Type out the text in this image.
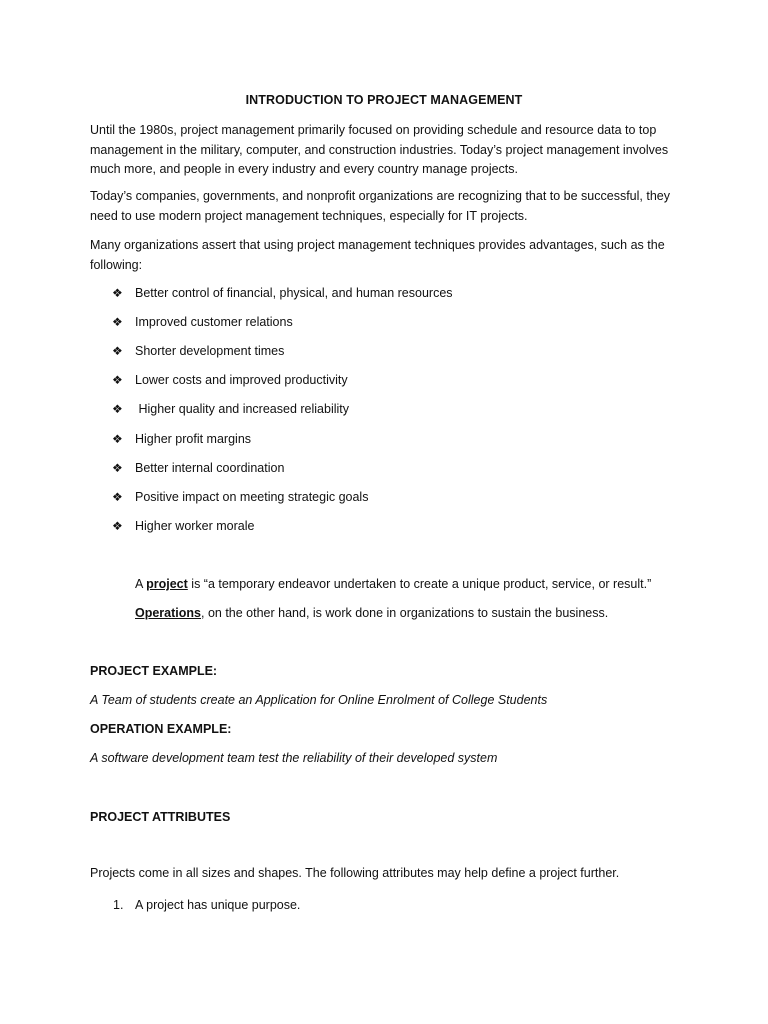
INTRODUCTION TO PROJECT MANAGEMENT
Until the 1980s, project management primarily focused on providing schedule and resource data to top management in the military, computer, and construction industries. Today’s project management involves much more, and people in every industry and every country manage projects.
Today’s companies, governments, and nonprofit organizations are recognizing that to be successful, they need to use modern project management techniques, especially for IT projects.
Many organizations assert that using project management techniques provides advantages, such as the following:
❖ Better control of financial, physical, and human resources
❖ Improved customer relations
❖ Shorter development times
❖ Lower costs and improved productivity
❖ Higher quality and increased reliability
❖ Higher profit margins
❖ Better internal coordination
❖ Positive impact on meeting strategic goals
❖ Higher worker morale
A project is “a temporary endeavor undertaken to create a unique product, service, or result.”
Operations, on the other hand, is work done in organizations to sustain the business.
PROJECT EXAMPLE:
A Team of students create an Application for Online Enrolment of College Students
OPERATION EXAMPLE:
A software development team test the reliability of their developed system
PROJECT ATTRIBUTES
Projects come in all sizes and shapes. The following attributes may help define a project further.
1. A project has unique purpose.
